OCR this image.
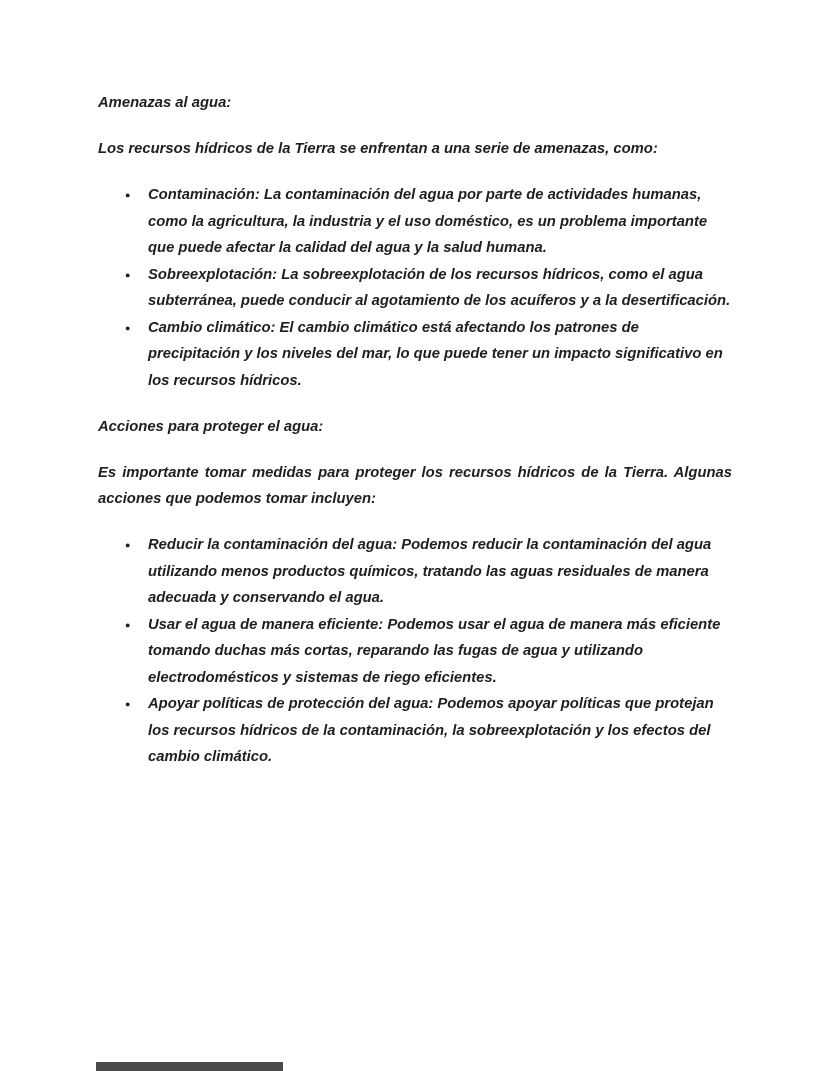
Amenazas al agua:

Los recursos hídricos de la Tierra se enfrentan a una serie de amenazas, como:

●	Contaminación: La contaminación del agua por parte de actividades humanas, como la agricultura, la industria y el uso doméstico, es un problema importante que puede afectar la calidad del agua y la salud humana.
●	Sobreexplotación: La sobreexplotación de los recursos hídricos, como el agua subterránea, puede conducir al agotamiento de los acuíferos y a la desertificación.
●	Cambio climático: El cambio climático está afectando los patrones de precipitación y los niveles del mar, lo que puede tener un impacto significativo en los recursos hídricos.

Acciones para proteger el agua:

Es importante tomar medidas para proteger los recursos hídricos de la Tierra. Algunas acciones que podemos tomar incluyen:

●	Reducir la contaminación del agua: Podemos reducir la contaminación del agua utilizando menos productos químicos, tratando las aguas residuales de manera adecuada y conservando el agua.
●	Usar el agua de manera eficiente: Podemos usar el agua de manera más eficiente tomando duchas más cortas, reparando las fugas de agua y utilizando electrodomésticos y sistemas de riego eficientes.
●	Apoyar políticas de protección del agua: Podemos apoyar políticas que protejan los recursos hídricos de la contaminación, la sobreexplotación y los efectos del cambio climático.
